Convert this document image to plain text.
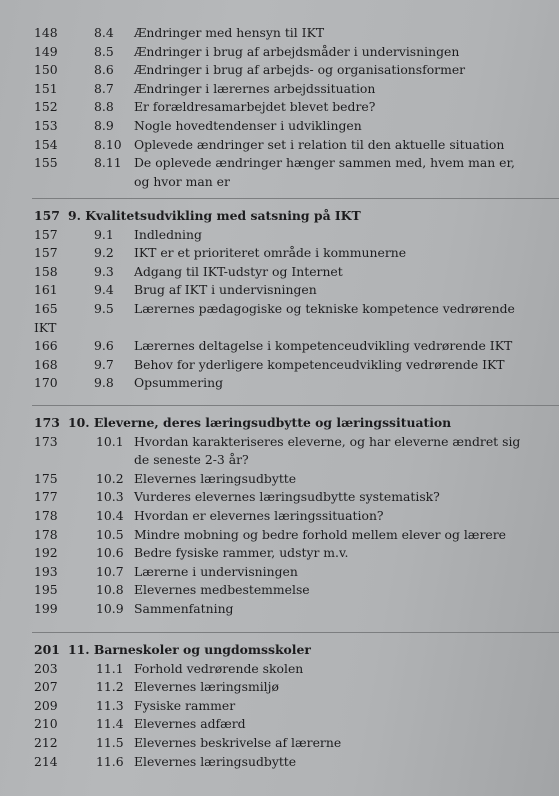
148	8.4 Ændringer med hensyn til IKT
149	8.5 Ændringer i brug af arbejdsmåder i undervisningen
150	8.6 Ændringer i brug af arbejds- og organisationsformer
151	8.7 Ændringer i lærernes arbejdssituation
152	8.8 Er forældresamarbejdet blevet bedre?
153	8.9 Nogle hovedtendenser i udviklingen
154	8.10 Oplevede ændringer set i relation til den aktuelle situation
155	8.11 De oplevede ændringer hænger sammen med, hvem man er,
og hvor man er
157 9. Kvalitetsudvikling med satsning på IKT
157	9.1 Indledning
157	9.2 IKT er et prioriteret område i kommunerne
158	9.3 Adgang til IKT-udstyr og Internet
161	9.4 Brug af IKT i undervisningen
165	9.5 Lærernes pædagogiske og tekniske kompetence vedrørende
IKT
166	9.6 Lærernes deltagelse i kompetenceudvikling vedrørende IKT
168	9.7 Behov for yderligere kompetenceudvikling vedrørende IKT
170	9.8 Opsummering
173 10. Eleverne, deres læringsudbytte og læringssituation
173	10.1 Hvordan karakteriseres eleverne, og har eleverne ændret sig
de seneste 2-3 år?
175	10.2 Elevernes læringsudbytte
177	10.3 Vurderes elevernes læringsudbytte systematisk?
178	10.4 Hvordan er elevernes læringssituation?
178	10.5 Mindre mobning og bedre forhold mellem elever og lærere
192	10.6 Bedre fysiske rammer, udstyr m.v.
193	10.7 Lærerne i undervisningen
195	10.8 Elevernes medbestemmelse
199	10.9 Sammenfatning
201 11. Barneskoler og ungdomsskoler
203	11.1 Forhold vedrørende skolen
207	11.2 Elevernes læringsmiljø
209	11.3 Fysiske rammer
210	11.4 Elevernes adfærd
212	11.5 Elevernes beskrivelse af lærerne
214	11.6 Elevernes læringsudbytte
